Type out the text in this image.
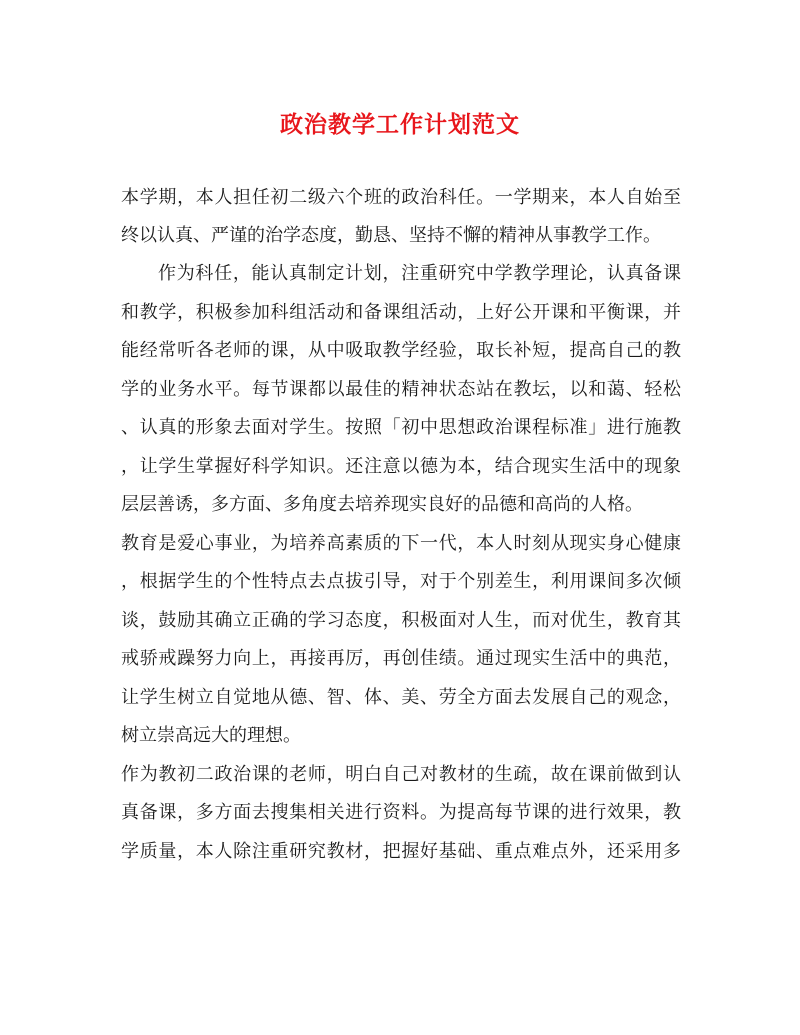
政治教学工作计划范文
本学期，本人担任初二级六个班的政治科任。一学期来，本人自始至
终以认真、严谨的治学态度，勤恳、坚持不懈的精神从事教学工作。
作为科任，能认真制定计划，注重研究中学教学理论，认真备课
和教学，积极参加科组活动和备课组活动，上好公开课和平衡课，并
能经常听各老师的课，从中吸取教学经验，取长补短，提高自己的教
学的业务水平。每节课都以最佳的精神状态站在教坛，以和蔼、轻松
、认真的形象去面对学生。按照「初中思想政治课程标准」进行施教
，让学生掌握好科学知识。还注意以德为本，结合现实生活中的现象
层层善诱，多方面、多角度去培养现实良好的品德和高尚的人格。
教育是爱心事业，为培养高素质的下一代，本人时刻从现实身心健康
，根据学生的个性特点去点拔引导，对于个别差生，利用课间多次倾
谈，鼓励其确立正确的学习态度，积极面对人生，而对优生，教育其
戒骄戒躁努力向上，再接再厉，再创佳绩。通过现实生活中的典范，
让学生树立自觉地从德、智、体、美、劳全方面去发展自己的观念，
树立崇高远大的理想。
作为教初二政治课的老师，明白自己对教材的生疏，故在课前做到认
真备课，多方面去搜集相关进行资料。为提高每节课的进行效果，教
学质量，本人除注重研究教材，把握好基础、重点难点外，还采用多
